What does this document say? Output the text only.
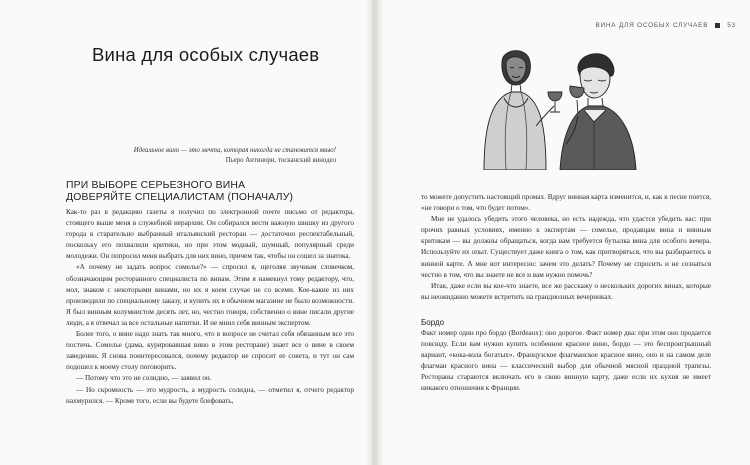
Вина для особых случаев
Идеальное вино — это мечта, которая никогда не становится явью!
Пьеро Антинори, тосканский винодел
ПРИ ВЫБОРЕ СЕРЬЕЗНОГО ВИНА
ДОВЕРЯЙТЕ СПЕЦИАЛИСТАМ (ПОНАЧАЛУ)

Как-то раз в редакцию газеты я получил по электронной почте письмо от редактора, стоящего выше меня в служебной иерархии. Он собирался вести важную шишку из другого города в старательно выбранный итальянский ресторан — достаточно респектабельный, поскольку его похвалили критики, но при этом модный, шумный, популярный среди молодежи. Он попросил меня выбрать для них вино, причем так, чтобы он сошел за знатока.

«А почему не задать вопрос сомелье?» — спросил я, щеголяя звучным словечком, обозначающим ресторанного специалиста по винам. Этим я намекнул тому редактору, что, мол, знаком с некоторыми винами, но их я коем случае не со всеми. Кое-какие из них производили по специальному заказу, и купить их в обычном магазине не было возможности. Я был винным колумнистом десять лет, но, честно говоря, собственно о вине писали другие люди, а я отвечал за все остальные напитки. И не мнил себя винным экспертом.

Более того, о вине надо знать так много, что в вопросе не считал себя обязанным все это постичь. Сомелье (дама, курировавшая вино в этом ресторане) знает все о вине в своем заведении. Я снова поинтересовался, почему редактор не спросит ее совета, и тут он сам подошел к моему столу поговорить.

— Потому что это не солидно, — заявил он.

— Но скромность — это мудрость, а мудрость солидна, — отметил я, отчего редактор нахмурился. — Кроме того, если вы будете блефовать,

ВИНА ДЛЯ ОСОБЫХ СЛУЧАЕВ	53

то можете допустить настоящий промах. Вдруг винная карта изменится, и, как в песне поется, «не говори о том, что будет потом».

Мне не удалось убедить этого человека, но есть надежда, что удастся убедить вас: при прочих равных условиях, именно к экспертам — сомелье, продавцам вина и винным критикам — вы должны обращаться, когда вам требуется бутылка вина для особого вечера. Используйте их опыт. Существует даже книга о том, как притворяться, что вы разбираетесь в винной карте. А мне вот интересно: зачем это делать? Почему не спросить и не сознаться честно в том, что вы знаете не все и вам нужно помочь?

Итак, даже если вы кое-что знаете, все же расскажу о нескольких дорогих винах, которые вы неожиданно можете встретить на грандиозных вечеринках.

Бордо

Факт номер один про бордо (Bordeaux): оно дорогое. Факт номер два: при этом оно продается повсюду. Если вам нужно купить особенное красное вино, бордо — это беспроигрышный вариант, «кока-кола богатых». Французское флагманское красное вино, оно и на самом деле флагман красного вина — классический выбор для обычной мясной праздной трапезы. Рестораны стараются включать его в свою винную карту, даже если их кухня не имеет никакого отношения к Франции.
